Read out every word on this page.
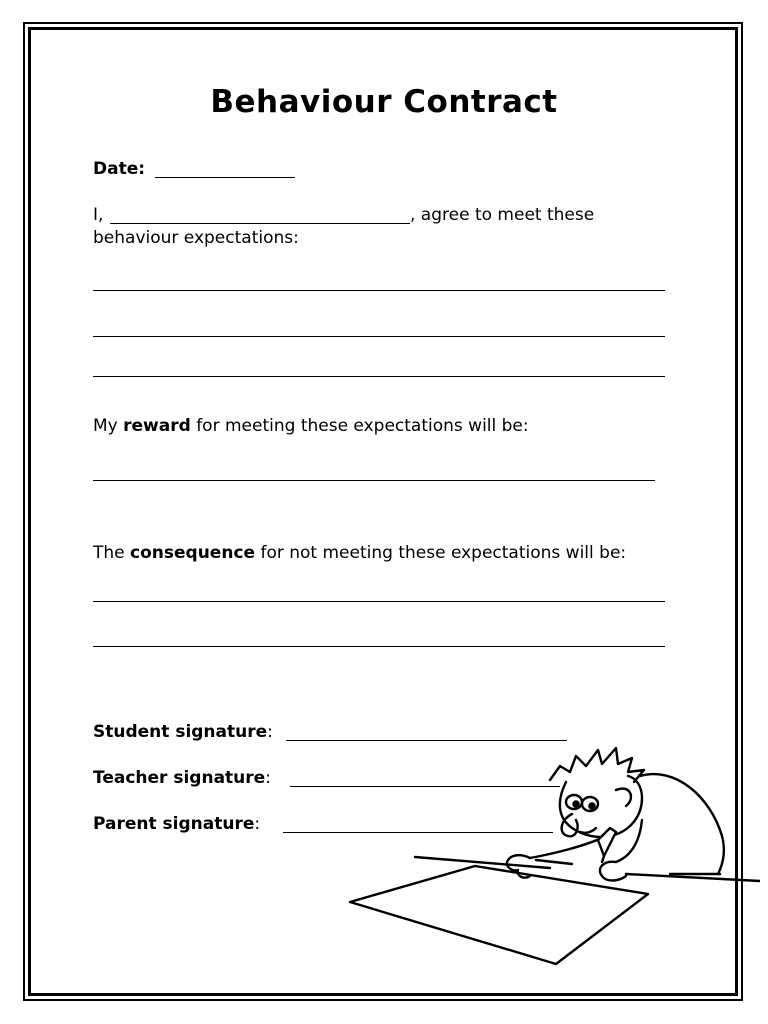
Behaviour Contract
Date:
I,	, agree to meet these
behaviour expectations:
My reward for meeting these expectations will be:
The consequence for not meeting these expectations will be:
Student signature:
Teacher signature:
Parent signature:
